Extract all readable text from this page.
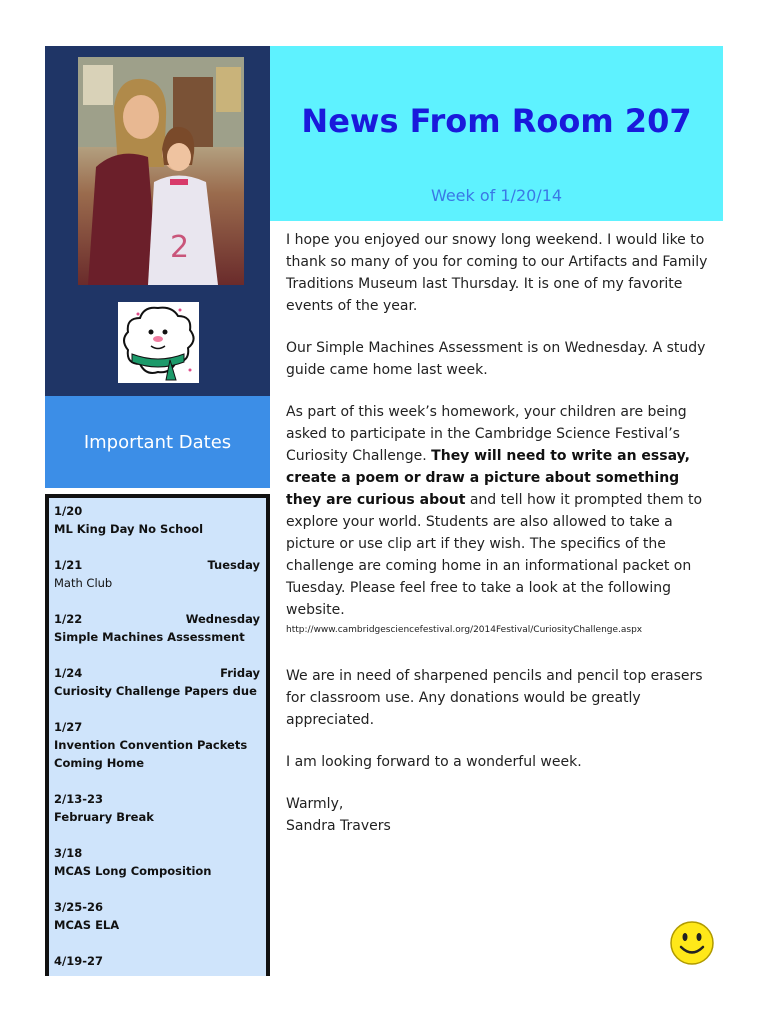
2
Important Dates
1/20
ML King Day No School
1/21	Tuesday
Math Club
1/22	Wednesday
Simple Machines Assessment
1/24	Friday
Curiosity Challenge Papers due
1/27
Invention Convention Packets Coming Home
2/13-23
February Break
3/18
MCAS Long Composition
3/25-26
MCAS ELA
4/19-27
News From Room 207
Week of 1/20/14

I hope you enjoyed our snowy long weekend. I would like to thank so many of you for coming to our Artifacts and Family Traditions Museum last Thursday. It is one of my favorite events of the year.

Our Simple Machines Assessment is on Wednesday. A study guide came home last week.

As part of this week’s homework, your children are being asked to participate in the Cambridge Science Festival’s Curiosity Challenge. They will need to write an essay, create a poem or draw a picture about something they are curious about and tell how it prompted them to explore your world. Students are also allowed to take a picture or use clip art if they wish. The specifics of the challenge are coming home in an informational packet on Tuesday. Please feel free to take a look at the following website.
http://www.cambridgesciencefestival.org/2014Festival/CuriosityChallenge.aspx

We are in need of sharpened pencils and pencil top erasers for classroom use. Any donations would be greatly appreciated.

I am looking forward to a wonderful week.

Warmly,

Sandra Travers
